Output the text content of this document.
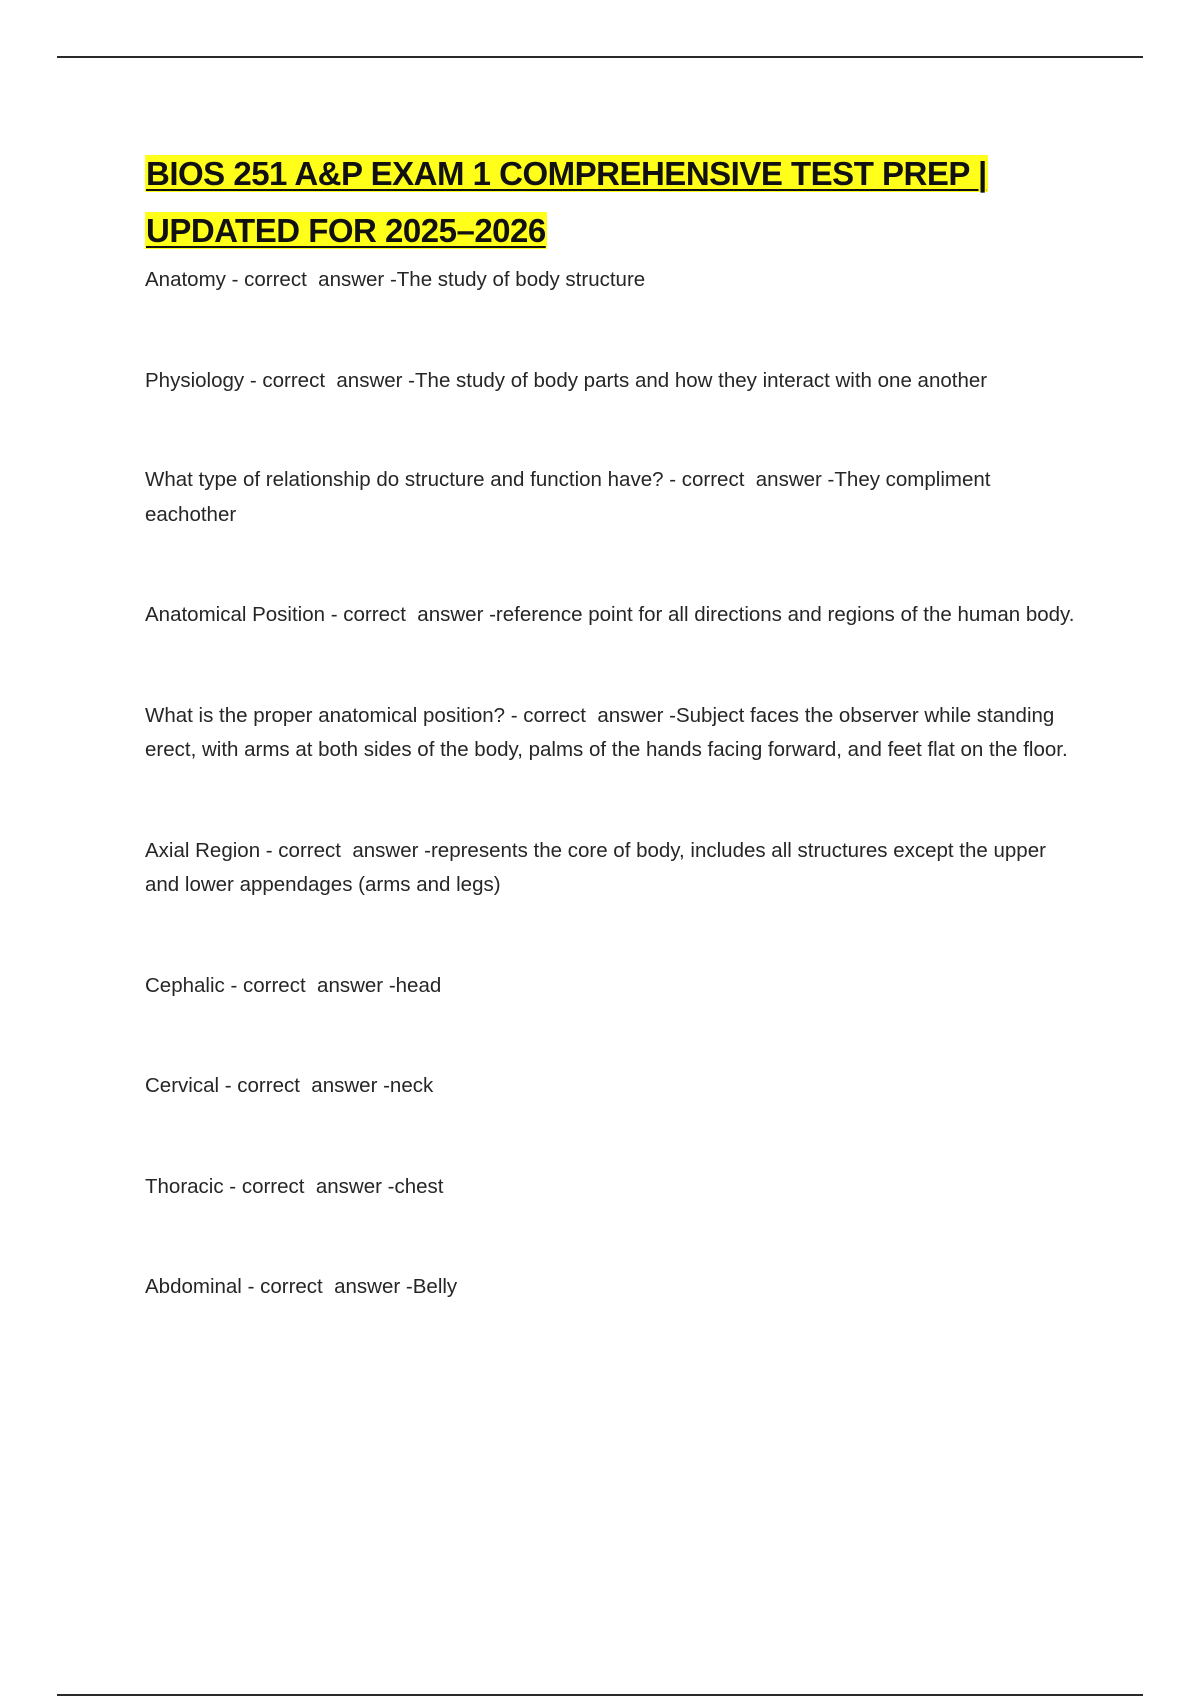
BIOS 251 A&P EXAM 1 COMPREHENSIVE TEST PREP | UPDATED FOR 2025–2026
Anatomy - correct  answer -The study of body structure
Physiology - correct  answer -The study of body parts and how they interact with one another
What type of relationship do structure and function have? - correct  answer -They compliment eachother
Anatomical Position - correct  answer -reference point for all directions and regions of the human body.
What is the proper anatomical position? - correct  answer -Subject faces the observer while standing erect, with arms at both sides of the body, palms of the hands facing forward, and feet flat on the floor.
Axial Region - correct  answer -represents the core of body, includes all structures except the upper and lower appendages (arms and legs)
Cephalic - correct  answer -head
Cervical - correct  answer -neck
Thoracic - correct  answer -chest
Abdominal - correct  answer -Belly
